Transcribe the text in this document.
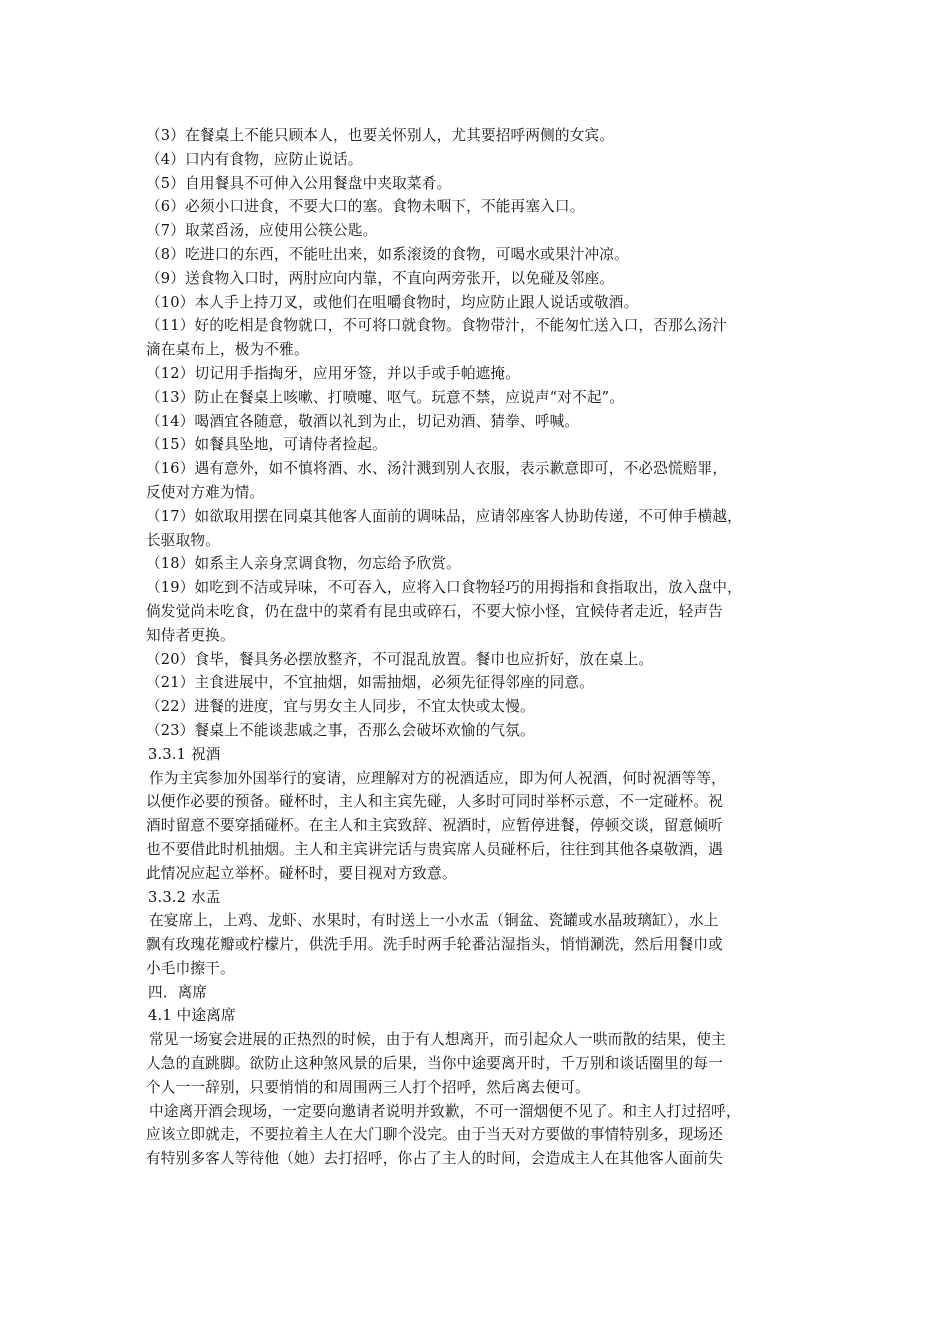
（3）在餐桌上不能只顾本人，也要关怀别人，尤其要招呼两侧的女宾。
（4）口内有食物，应防止说话。
（5）自用餐具不可伸入公用餐盘中夹取菜肴。
（6）必须小口进食，不要大口的塞。食物未咽下，不能再塞入口。
（7）取菜舀汤，应使用公筷公匙。
（8）吃进口的东西，不能吐出来，如系滚烫的食物，可喝水或果汁冲凉。
（9）送食物入口时，两肘应向内靠，不直向两旁张开，以免碰及邻座。
（10）本人手上持刀叉，或他们在咀嚼食物时，均应防止跟人说话或敬酒。
（11）好的吃相是食物就口，不可将口就食物。食物带汁，不能匆忙送入口，否那么汤汁
滴在桌布上，极为不雅。
（12）切记用手指掏牙，应用牙签，并以手或手帕遮掩。
（13）防止在餐桌上咳嗽、打喷嚏、呕气。玩意不禁，应说声“对不起”。
（14）喝酒宜各随意，敬酒以礼到为止，切记劝酒、猜拳、呼喊。
（15）如餐具坠地，可请侍者捡起。
（16）遇有意外，如不慎将酒、水、汤汁溅到别人衣服，表示歉意即可，不必恐慌赔罪，
反使对方难为情。
（17）如欲取用摆在同桌其他客人面前的调味品，应请邻座客人协助传递，不可伸手横越，
长驱取物。
（18）如系主人亲身烹调食物，勿忘给予欣赏。
（19）如吃到不洁或异味，不可吞入，应将入口食物轻巧的用拇指和食指取出，放入盘中，
倘发觉尚未吃食，仍在盘中的菜肴有昆虫或碎石，不要大惊小怪，宜候侍者走近，轻声告
知侍者更换。
（20）食毕，餐具务必摆放整齐，不可混乱放置。餐巾也应折好，放在桌上。
（21）主食进展中，不宜抽烟，如需抽烟，必须先征得邻座的同意。
（22）进餐的进度，宜与男女主人同步，不宜太快或太慢。
（23）餐桌上不能谈悲戚之事，否那么会破坏欢愉的气氛。
3.3.1 祝酒
作为主宾参加外国举行的宴请，应理解对方的祝酒适应，即为何人祝酒，何时祝酒等等，
以便作必要的预备。碰杯时，主人和主宾先碰，人多时可同时举杯示意，不一定碰杯。祝
酒时留意不要穿插碰杯。在主人和主宾致辞、祝酒时，应暂停进餐，停顿交谈，留意倾听
也不要借此时机抽烟。主人和主宾讲完话与贵宾席人员碰杯后，往往到其他各桌敬酒，遇
此情况应起立举杯。碰杯时，要目视对方致意。
3.3.2 水盂
在宴席上，上鸡、龙虾、水果时，有时送上一小水盂（铜盆、瓷罐或水晶玻璃缸），水上
飘有玫瑰花瓣或柠檬片，供洗手用。洗手时两手轮番沾湿指头，悄悄涮洗，然后用餐巾或
小毛巾擦干。
四．离席
4.1 中途离席
常见一场宴会进展的正热烈的时候，由于有人想离开，而引起众人一哄而散的结果，使主
人急的直跳脚。欲防止这种煞风景的后果，当你中途要离开时，千万别和谈话圈里的每一
个人一一辞别，只要悄悄的和周围两三人打个招呼，然后离去便可。
中途离开酒会现场，一定要向邀请者说明并致歉，不可一溜烟便不见了。和主人打过招呼，
应该立即就走，不要拉着主人在大门聊个没完。由于当天对方要做的事情特别多，现场还
有特别多客人等待他（她）去打招呼，你占了主人的时间，会造成主人在其他客人面前失
